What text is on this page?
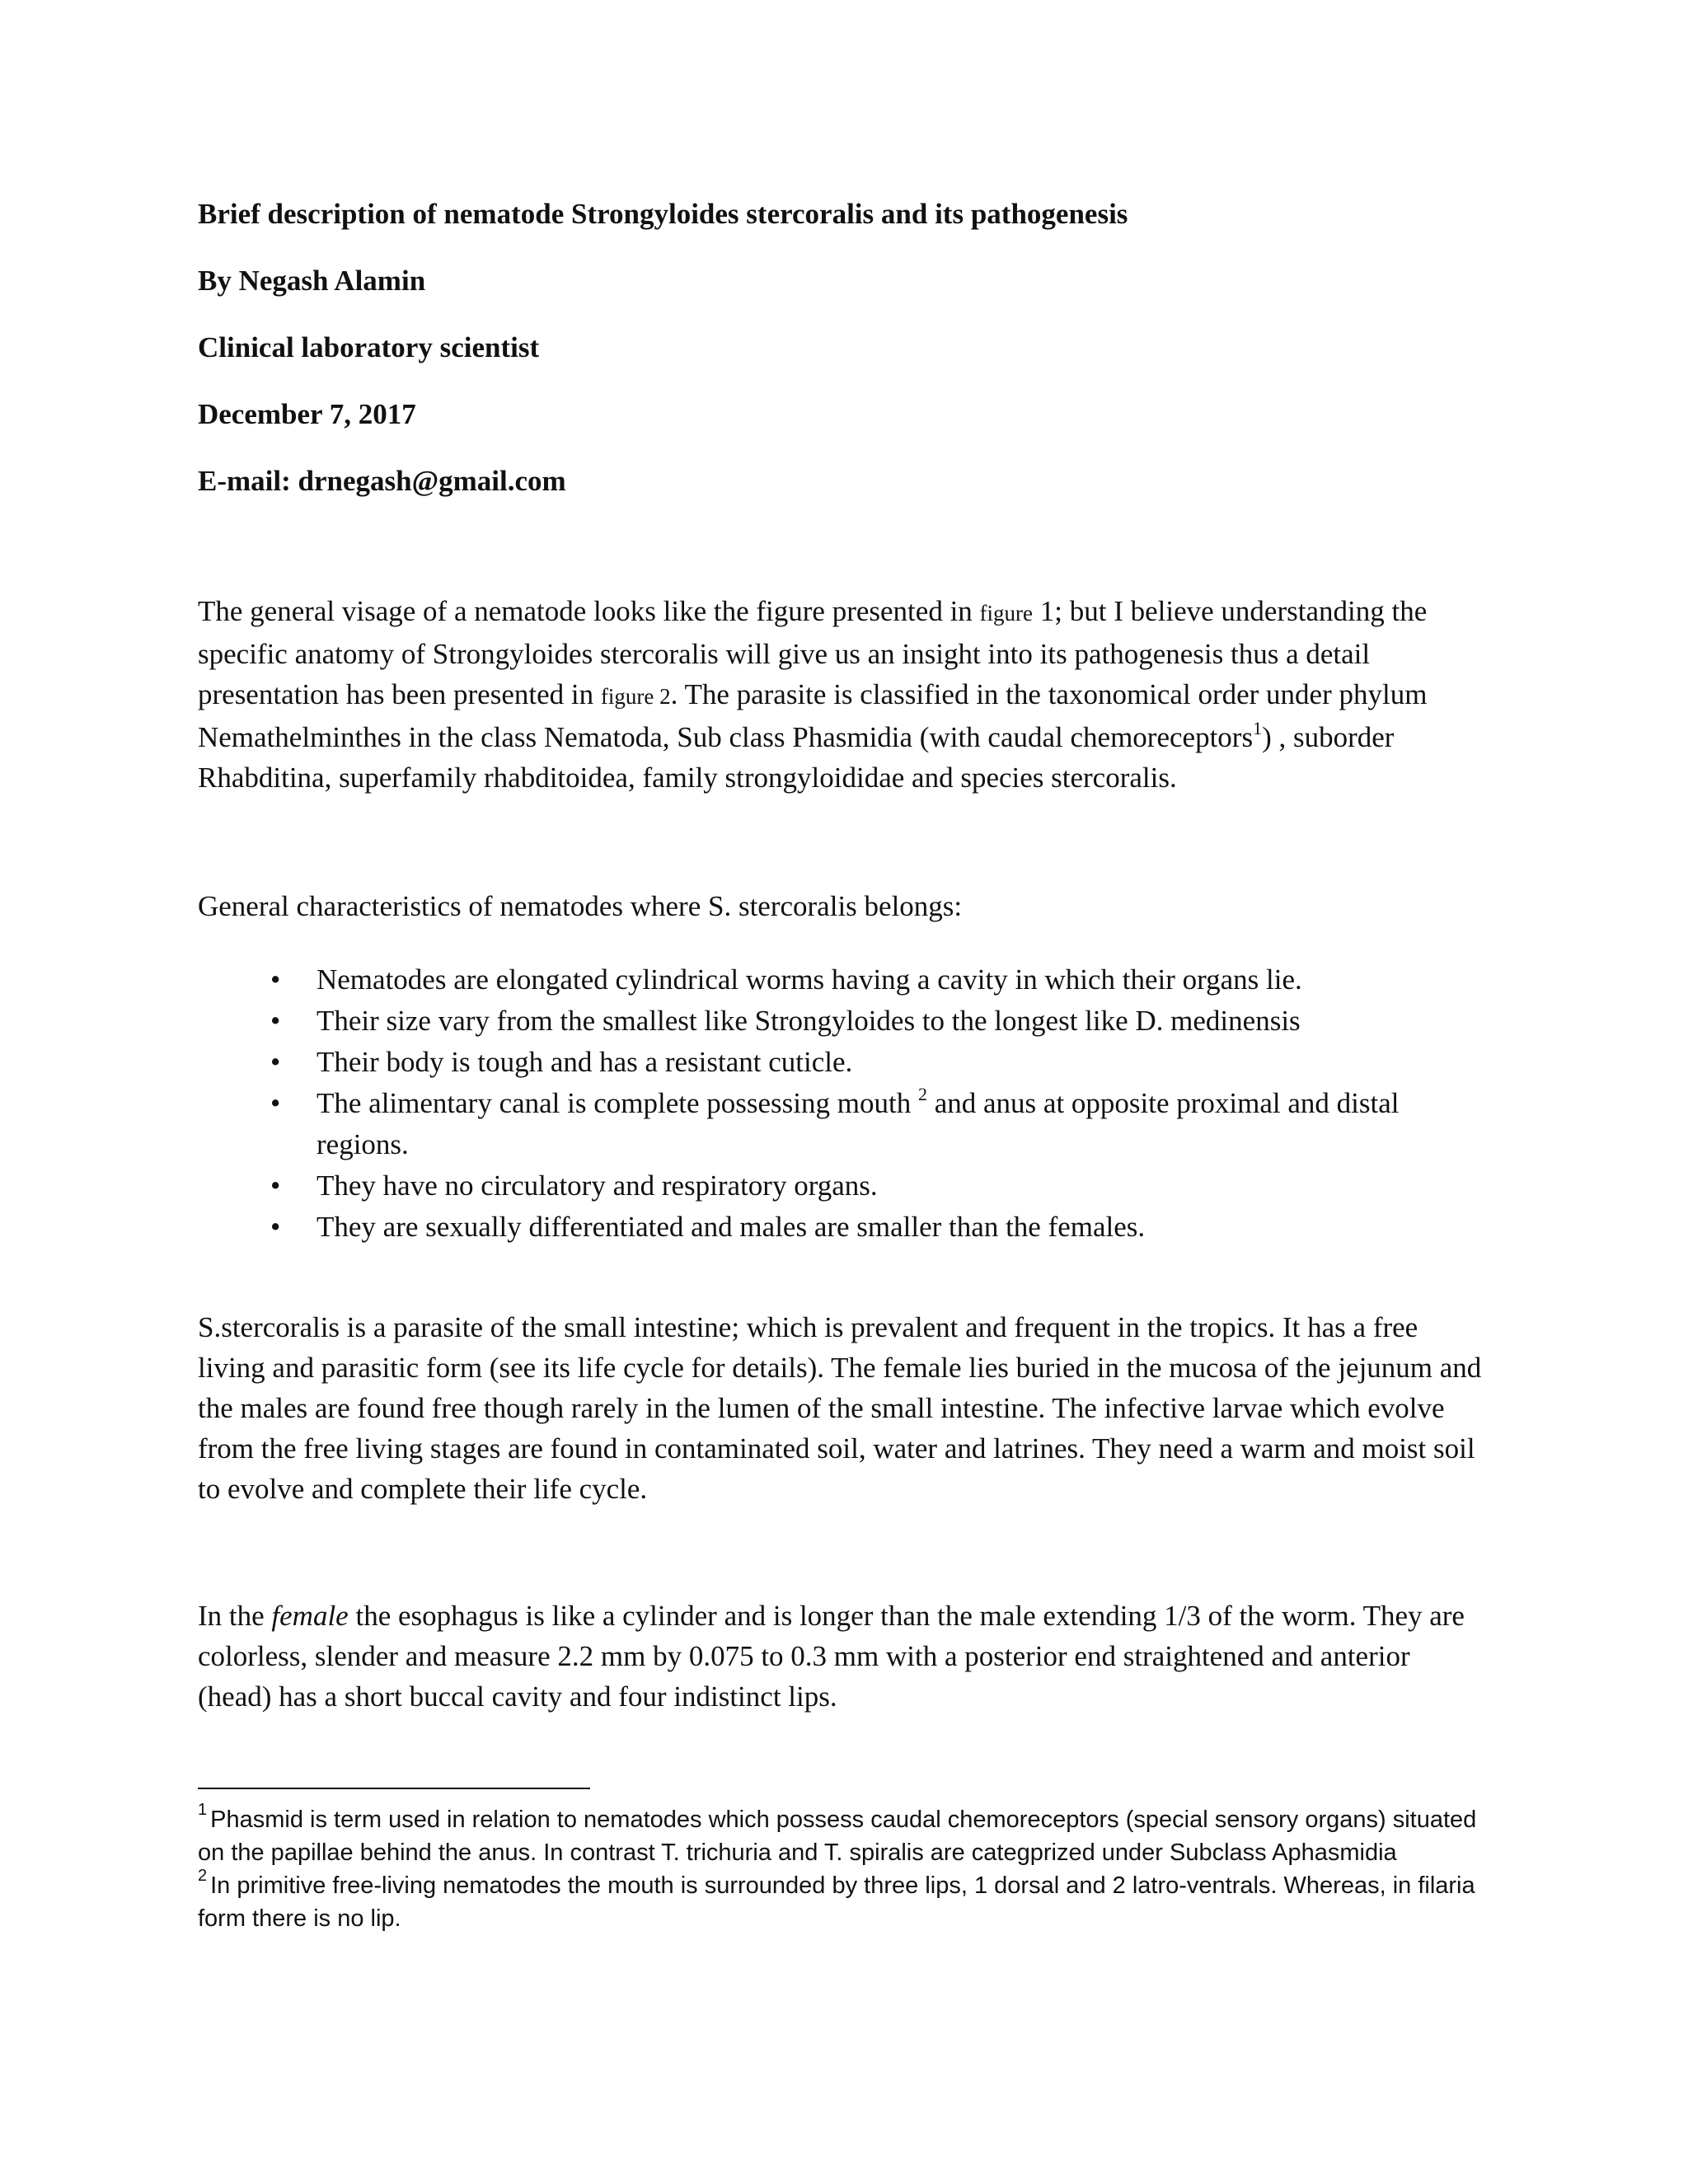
Brief description of nematode Strongyloides stercoralis and its pathogenesis
By Negash Alamin
Clinical laboratory scientist
December 7, 2017
E-mail: drnegash@gmail.com
The general visage of a nematode looks like the figure presented in figure 1; but I believe understanding the specific anatomy of Strongyloides stercoralis will give us an insight into its pathogenesis thus a detail presentation has been presented in figure 2. The parasite is classified in the taxonomical order under phylum Nemathelminthes in the class Nematoda, Sub class Phasmidia (with caudal chemoreceptors$^1$) , suborder Rhabditina, superfamily rhabditoidea, family strongyloididae and species stercoralis.
General characteristics of nematodes where S. stercoralis belongs:
• Nematodes are elongated cylindrical worms having a cavity in which their organs lie.
• Their size vary from the smallest like Strongyloides to the longest like D. medinensis
• Their body is tough and has a resistant cuticle.
• The alimentary canal is complete possessing mouth $^2$ and anus at opposite proximal and distal regions.
• They have no circulatory and respiratory organs.
• They are sexually differentiated and males are smaller than the females.
S.stercoralis is a parasite of the small intestine; which is prevalent and frequent in the tropics. It has a free living and parasitic form (see its life cycle for details). The female lies buried in the mucosa of the jejunum and the males are found free though rarely in the lumen of the small intestine. The infective larvae which evolve from the free living stages are found in contaminated soil, water and latrines. They need a warm and moist soil to evolve and complete their life cycle.
In the female the esophagus is like a cylinder and is longer than the male extending 1/3 of the worm. They are colorless, slender and measure 2.2 mm by 0.075 to 0.3 mm with a posterior end straightened and anterior (head) has a short buccal cavity and four indistinct lips.

$^1$ Phasmid is term used in relation to nematodes which possess caudal chemoreceptors (special sensory organs) situated on the papillae behind the anus. In contrast T. trichuria and T. spiralis are categprized under Subclass Aphasmidia

$^2$ In primitive free-living nematodes the mouth is surrounded by three lips, 1 dorsal and 2 latro-ventrals. Whereas, in filaria form there is no lip.
